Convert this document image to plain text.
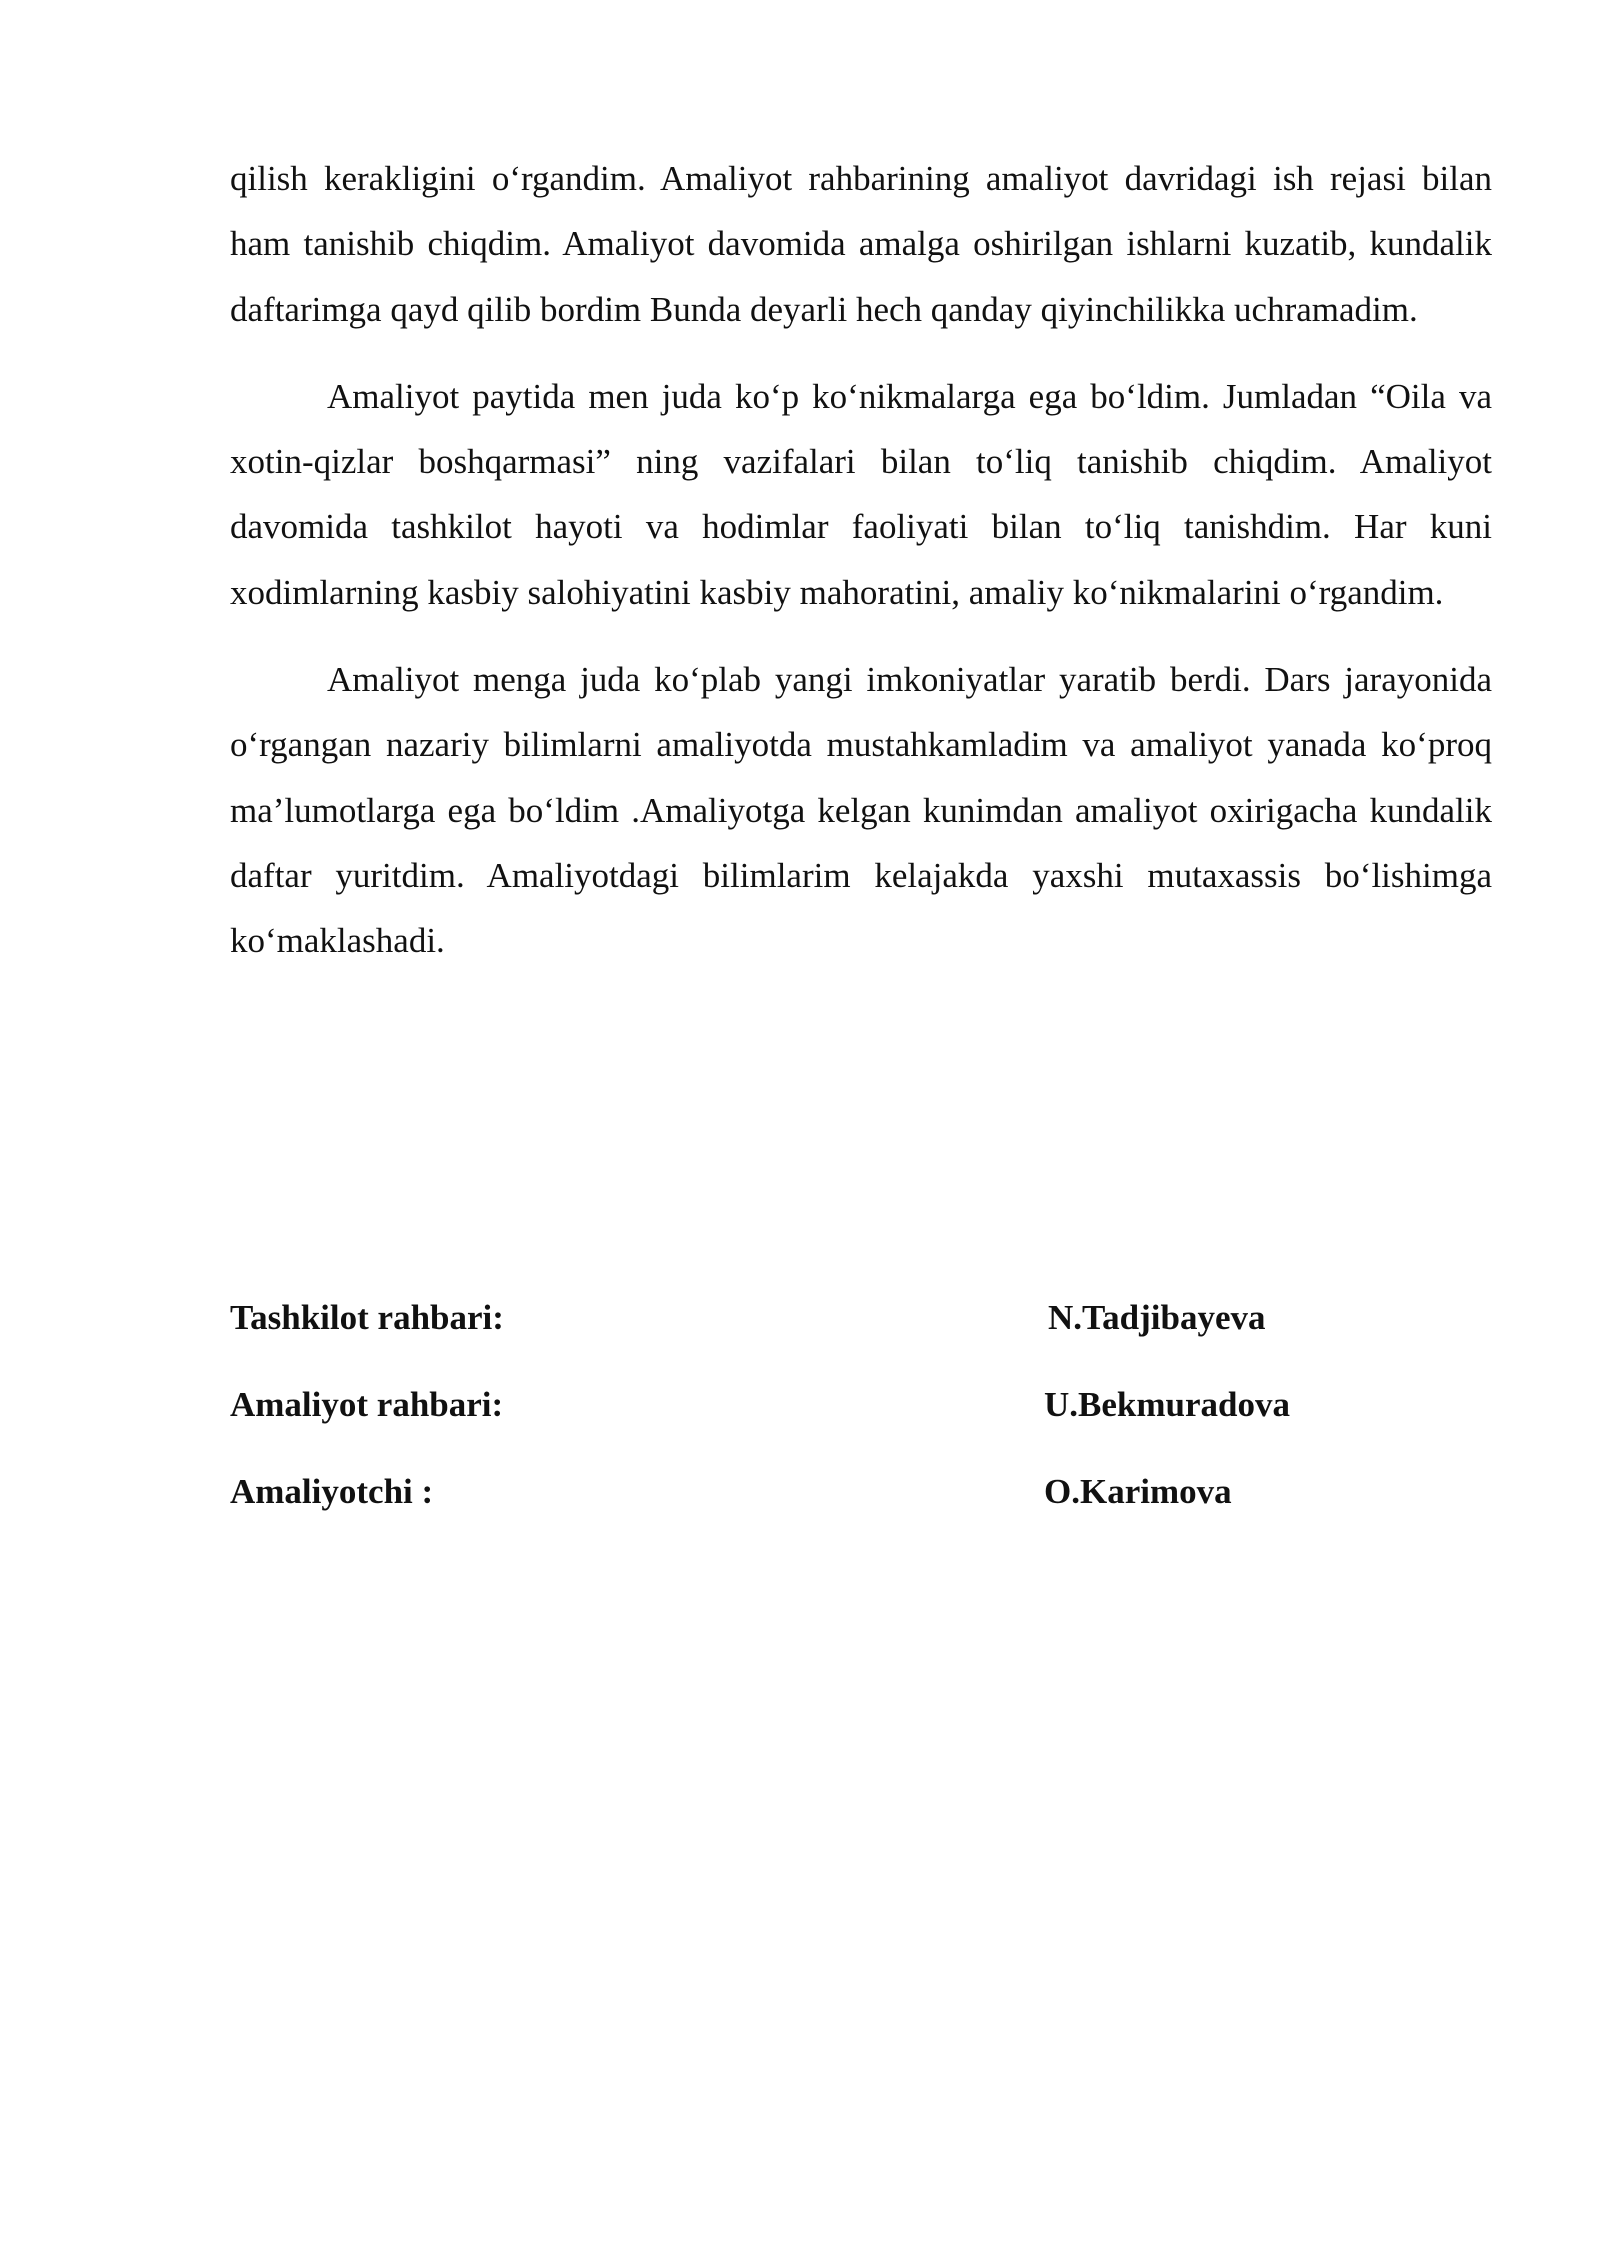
qilish kerakligini o‘rgandim. Amaliyot rahbarining amaliyot davridagi ish rejasi bilan ham tanishib chiqdim. Amaliyot davomida amalga oshirilgan ishlarni kuzatib, kundalik daftarimga qayd qilib bordim Bunda deyarli hech qanday qiyinchilikka uchramadim.

Amaliyot paytida men juda ko‘p ko‘nikmalarga ega bo‘ldim. Jumladan “Oila va xotin-qizlar boshqarmasi” ning vazifalari bilan to‘liq tanishib chiqdim. Amaliyot davomida tashkilot hayoti va hodimlar faoliyati bilan to‘liq tanishdim. Har kuni xodimlarning kasbiy salohiyatini kasbiy mahoratini, amaliy ko‘nikmalarini o‘rgandim.

Amaliyot menga juda ko‘plab yangi imkoniyatlar yaratib berdi. Dars jarayonida o‘rgangan nazariy bilimlarni amaliyotda mustahkamladim va amaliyot yanada ko‘proq ma’lumotlarga ega bo‘ldim .Amaliyotga kelgan kunimdan amaliyot oxirigacha kundalik daftar yuritdim. Amaliyotdagi bilimlarim kelajakda yaxshi mutaxassis bo‘lishimga ko‘maklashadi.

Tashkilot rahbari:	N.Tadjibayeva
Amaliyot rahbari:	U.Bekmuradova
Amaliyotchi :	O.Karimova
